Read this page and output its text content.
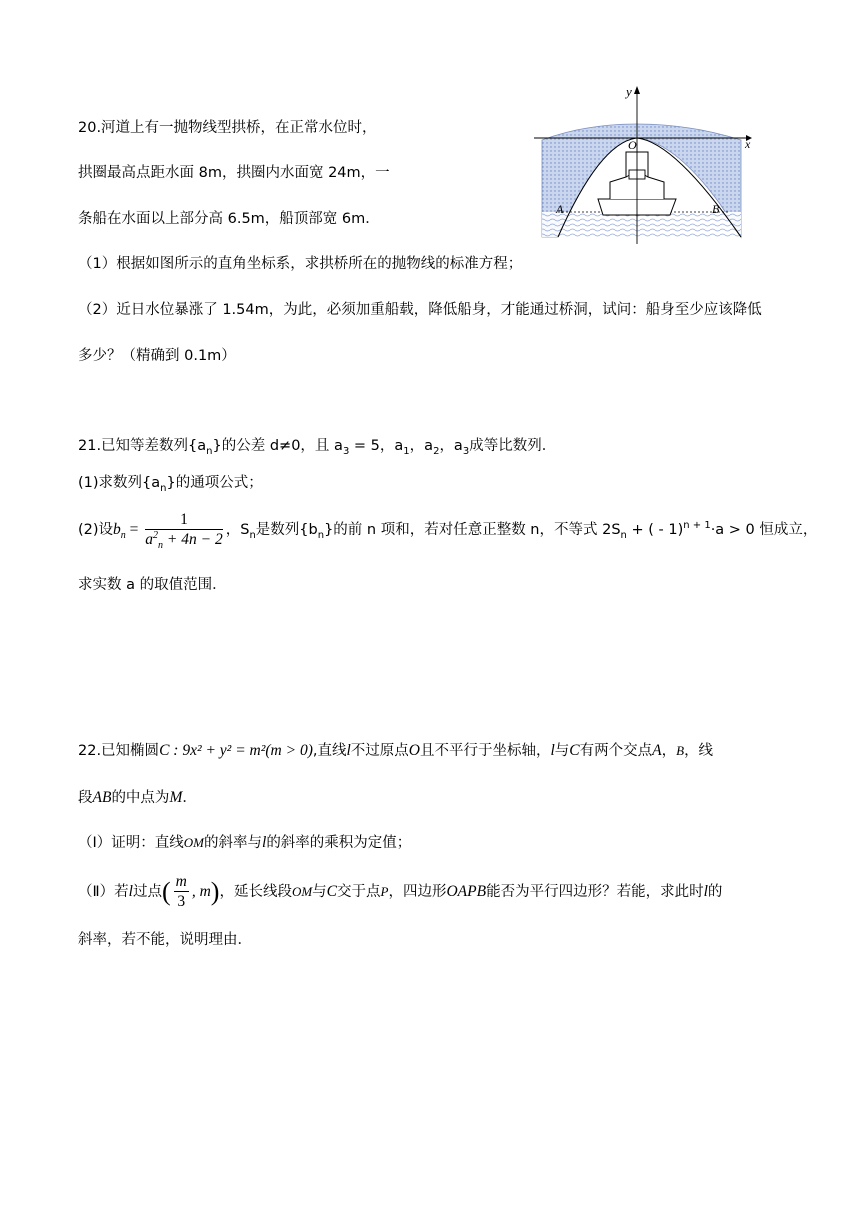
20.河道上有一抛物线型拱桥，在正常水位时，
拱圈最高点距水面 8m，拱圈内水面宽 24m，一
条船在水面以上部分高 6.5m，船顶部宽 6m．
（1）根据如图所示的直角坐标系，求拱桥所在的抛物线的标准方程；
（2）近日水位暴涨了 1.54m，为此，必须加重船载，降低船身，才能通过桥洞，试问：船身至少应该降低
多少？（精确到 0.1m）
y
x
O
A	B
21.已知等差数列$\{a_n\}$的公差 d≠0，且 $a_3 = 5$，$a_1$，$a_2$，$a_3$成等比数列．
(1)求数列$\{a_n\}$的通项公式；
(2)设$b_n = \frac{1}{a^2_n + 4n - 2}$ ，$S_n$是数列$\{b_n\}$的前 n 项和，若对任意正整数 n，不等式 $2S_n$ + ( - 1)$^{n + 1}$·a > 0 恒成立，
求实数 a 的取值范围．
22.已知椭圆C : 9x² + y² = m²(m > 0),直线l不过原点O且不平行于坐标轴，l与C有两个交点A，B，线
段AB的中点为M．
（Ⅰ）证明：直线OM的斜率与l的斜率的乘积为定值；
（Ⅱ）若l过点( $\frac{m}{3}$ , m)，延长线段OM与C交于点P，四边形OAPB能否为平行四边形？若能，求此时l的
斜率，若不能，说明理由．
